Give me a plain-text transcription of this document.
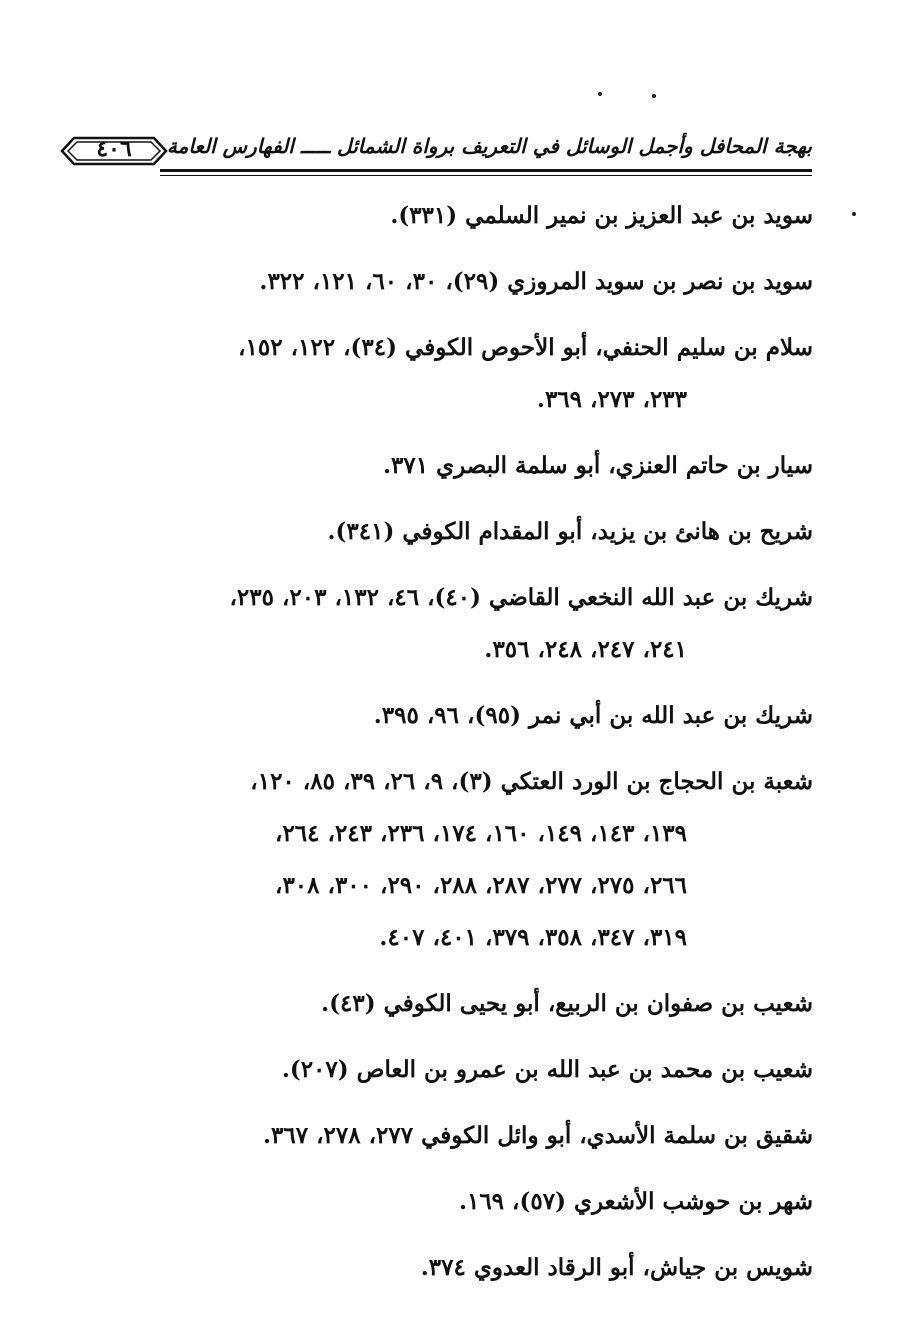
٤٠٦	بهجة المحافل وأجمل الوسائل في التعريف برواة الشمائل ـــــ الفهارس العامة
سويد بن عبد العزيز بن نمير السلمي (٣٣١).
سويد بن نصر بن سويد المروزي (٢٩)، ٣٠، ٦٠، ١٢١، ٣٢٢.
سلام بن سليم الحنفي، أبو الأحوص الكوفي (٣٤)، ١٢٢، ١٥٢،
٢٣٣، ٢٧٣، ٣٦٩.
سيار بن حاتم العنزي، أبو سلمة البصري ٣٧١.
شريح بن هانئ بن يزيد، أبو المقدام الكوفي (٣٤١).
شريك بن عبد الله النخعي القاضي (٤٠)، ٤٦، ١٣٢، ٢٠٣، ٢٣٥،
٢٤١، ٢٤٧، ٢٤٨، ٣٥٦.
شريك بن عبد الله بن أبي نمر (٩٥)، ٩٦، ٣٩٥.
شعبة بن الحجاج بن الورد العتكي (٣)، ٩، ٢٦، ٣٩، ٨٥، ١٢٠،
١٣٩، ١٤٣، ١٤٩، ١٦٠، ١٧٤، ٢٣٦، ٢٤٣، ٢٦٤،
٢٦٦، ٢٧٥، ٢٧٧، ٢٨٧، ٢٨٨، ٢٩٠، ٣٠٠، ٣٠٨،
٣١٩، ٣٤٧، ٣٥٨، ٣٧٩، ٤٠١، ٤٠٧.
شعيب بن صفوان بن الربيع، أبو يحيى الكوفي (٤٣).
شعيب بن محمد بن عبد الله بن عمرو بن العاص (٢٠٧).
شقيق بن سلمة الأسدي، أبو وائل الكوفي ٢٧٧، ٢٧٨، ٣٦٧.
شهر بن حوشب الأشعري (٥٧)، ١٦٩.
شويس بن جياش، أبو الرقاد العدوي ٣٧٤.
